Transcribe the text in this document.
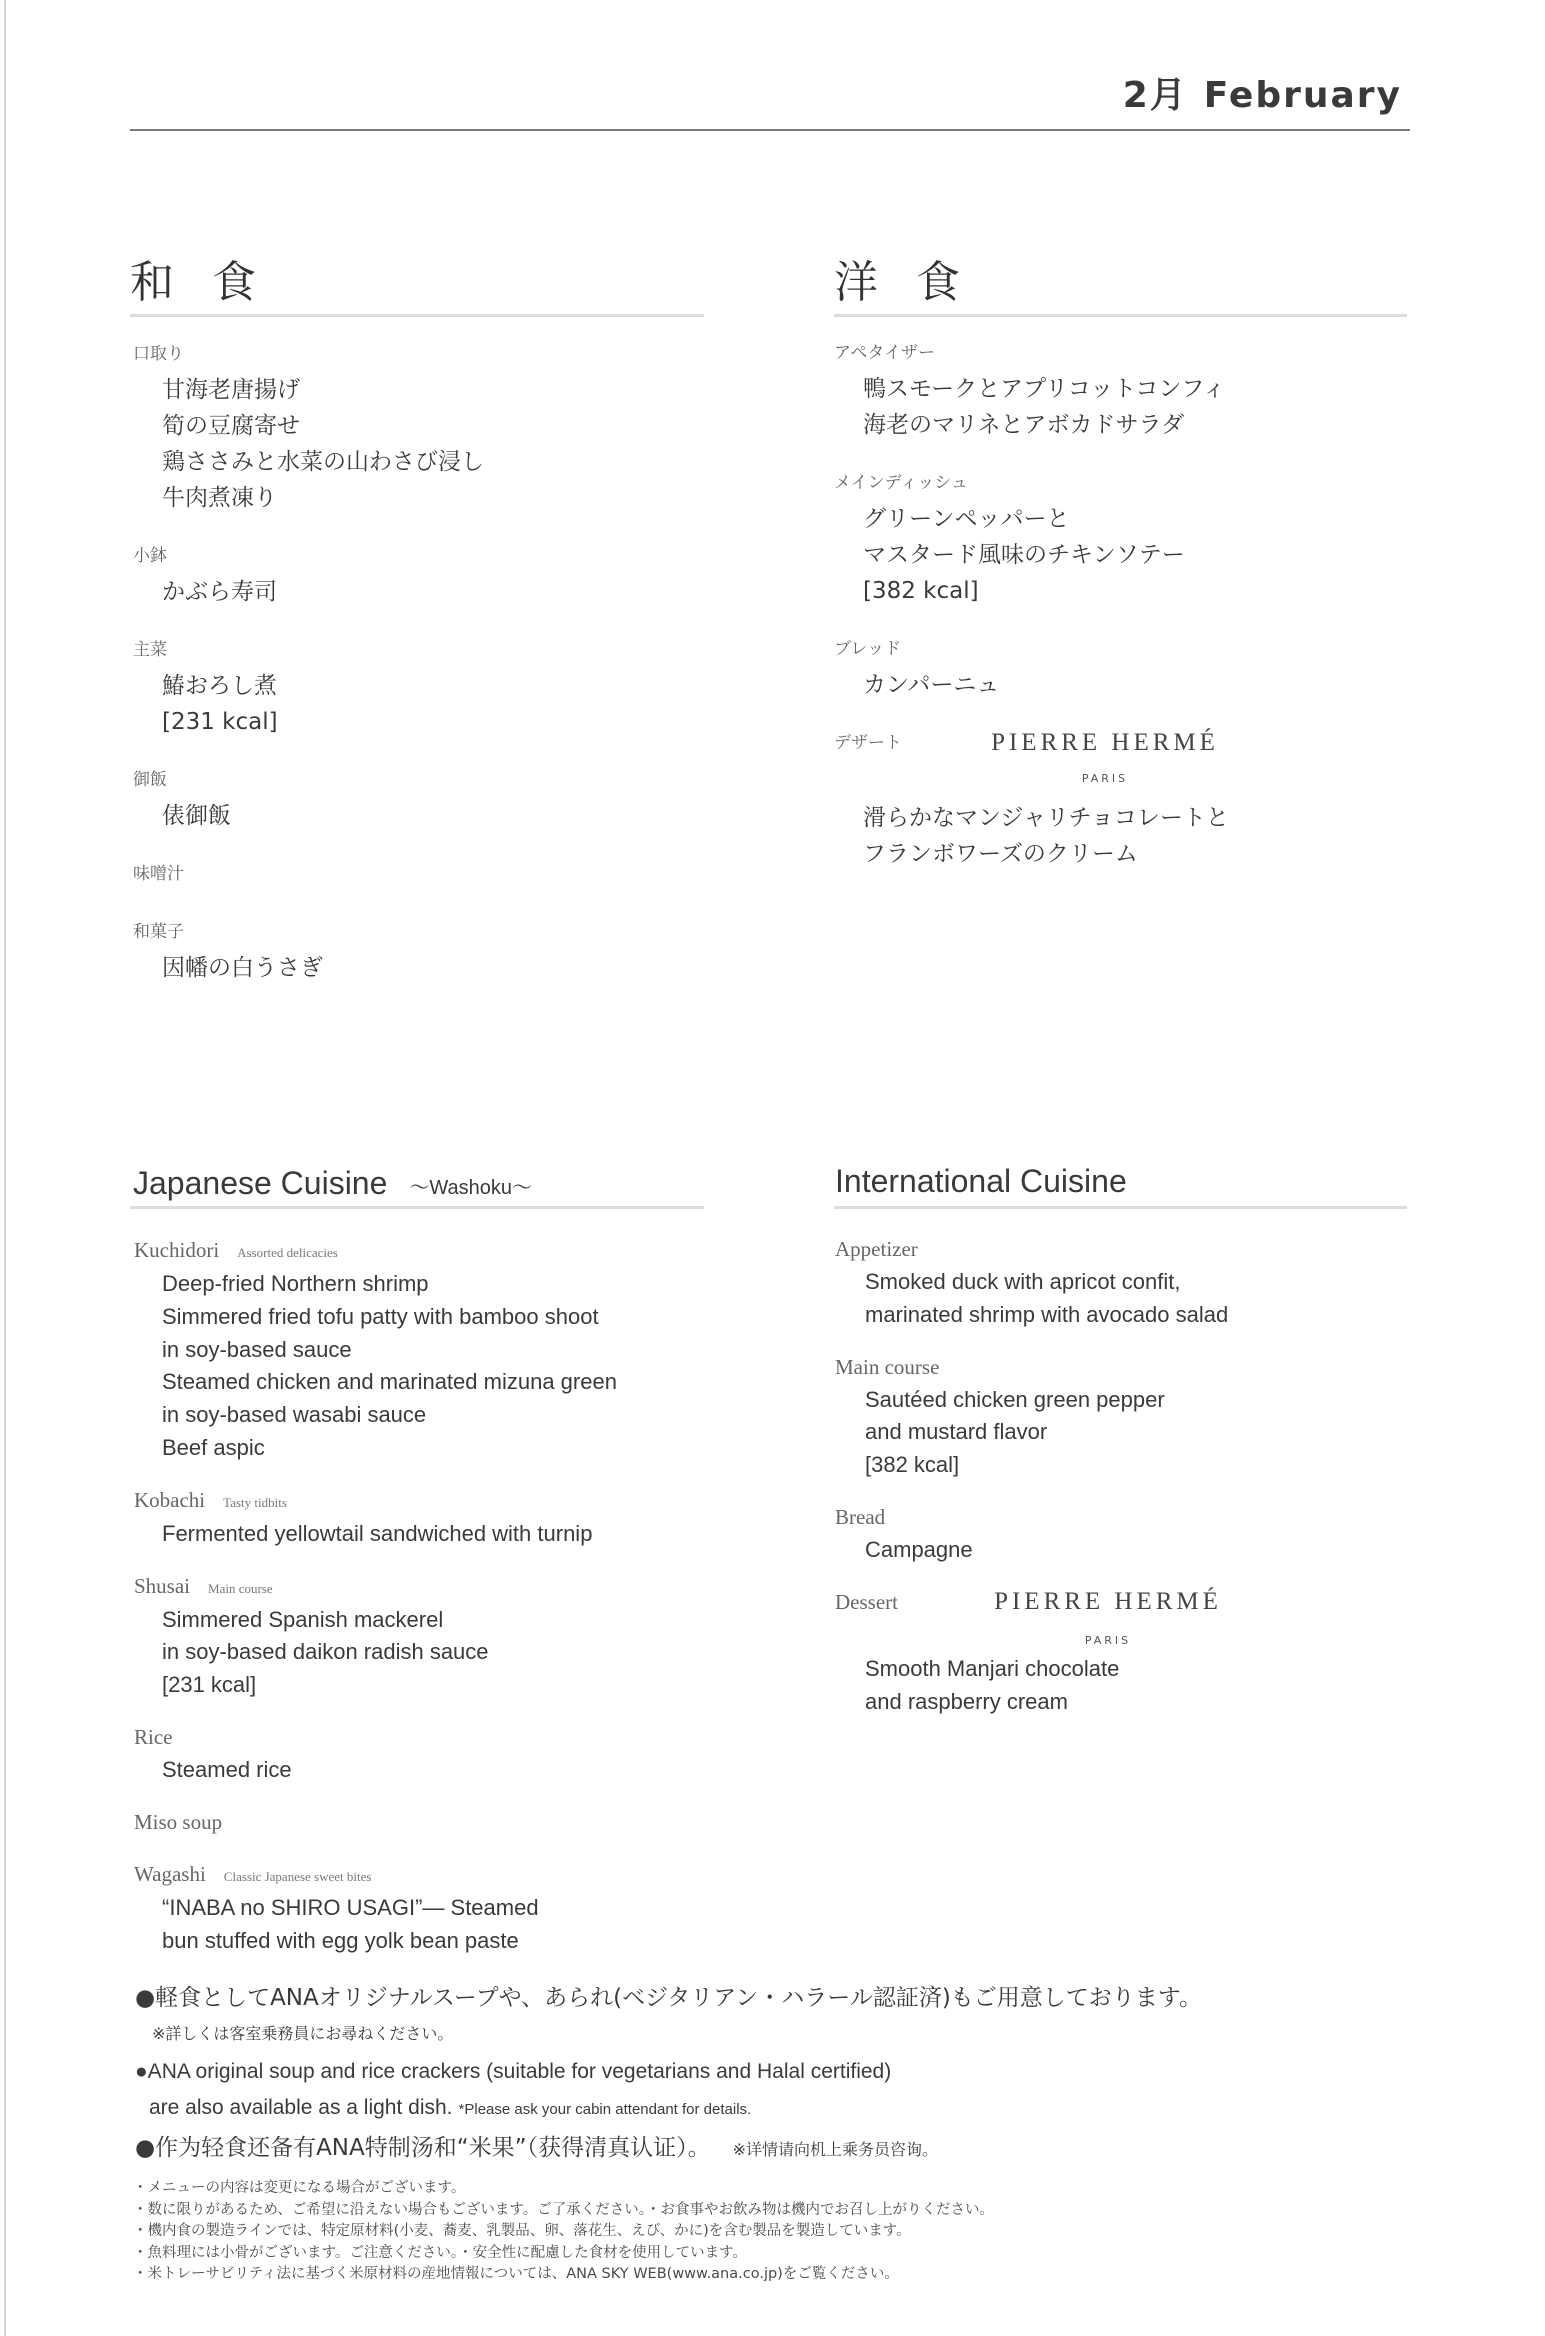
2月 February
和 食
口取り
甘海老唐揚げ
筍の豆腐寄せ
鶏ささみと水菜の山わさび浸し
牛肉煮凍り
小鉢
かぶら寿司
主菜
鰆おろし煮
[231 kcal]
御飯
俵御飯
味噌汁
和菓子
因幡の白うさぎ
洋 食
アペタイザー
鴨スモークとアプリコットコンフィ
海老のマリネとアボカドサラダ
メインディッシュ
グリーンペッパーと
マスタード風味のチキンソテー
[382 kcal]
ブレッド
カンパーニュ
デザート	PIERRE HERMÉ
PARIS
滑らかなマンジャリチョコレートと
フランボワーズのクリーム
Japanese Cuisine 〜Washoku〜
Kuchidori Assorted delicacies
Deep-fried Northern shrimp
Simmered fried tofu patty with bamboo shoot
in soy-based sauce
Steamed chicken and marinated mizuna green
in soy-based wasabi sauce
Beef aspic
Kobachi Tasty tidbits
Fermented yellowtail sandwiched with turnip
Shusai Main course
Simmered Spanish mackerel
in soy-based daikon radish sauce
[231 kcal]
Rice
Steamed rice
Miso soup
Wagashi Classic Japanese sweet bites
“INABA no SHIRO USAGI”— Steamed
bun stuffed with egg yolk bean paste
International Cuisine
Appetizer
Smoked duck with apricot confit,
marinated shrimp with avocado salad
Main course
Sautéed chicken green pepper
and mustard flavor
[382 kcal]
Bread
Campagne
Dessert	PIERRE HERMÉ
PARIS
Smooth Manjari chocolate
and raspberry cream
●軽食としてANAオリジナルスープや、あられ(ベジタリアン・ハラール認証済)もご用意しております。
※詳しくは客室乗務員にお尋ねください。
●ANA original soup and rice crackers (suitable for vegetarians and Halal certified)
are also available as a light dish. *Please ask your cabin attendant for details.
●作为轻食还备有ANA特制汤和“米果”（获得清真认证）。 ※详情请向机上乘务员咨询。
・メニューの内容は変更になる場合がございます。
・数に限りがあるため、ご希望に沿えない場合もございます。ご了承ください。・お食事やお飲み物は機内でお召し上がりください。
・機内食の製造ラインでは、特定原材料(小麦、蕎麦、乳製品、卵、落花生、えび、かに)を含む製品を製造しています。
・魚料理には小骨がございます。ご注意ください。・安全性に配慮した食材を使用しています。
・米トレーサビリティ法に基づく米原材料の産地情報については、ANA SKY WEB(www.ana.co.jp)をご覧ください。
